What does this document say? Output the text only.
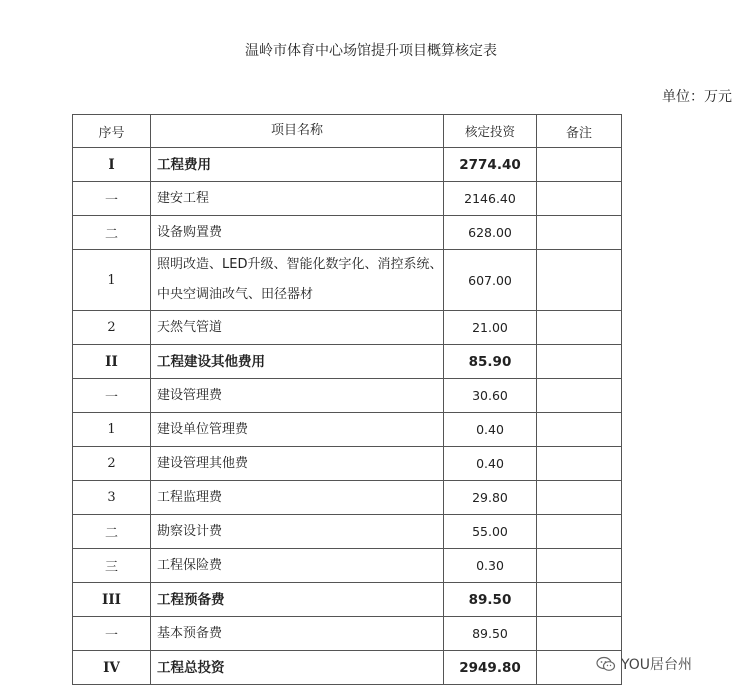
温岭市体育中心场馆提升项目概算核定表
单位：万元
序号	项目名称	核定投资	备注
I	工程费用	2774.40	
一	建安工程	2146.40	
二	设备购置费	628.00	
1	照明改造、LED升级、智能化数字化、消控系统、中央空调油改气、田径器材	607.00	
2	天然气管道	21.00	
II	工程建设其他费用	85.90	
一	建设管理费	30.60	
1	建设单位管理费	0.40	
2	建设管理其他费	0.40	
3	工程监理费	29.80	
二	勘察设计费	55.00	
三	工程保险费	0.30	
III	工程预备费	89.50	
一	基本预备费	89.50	
IV	工程总投资	2949.80		YOU居台州
